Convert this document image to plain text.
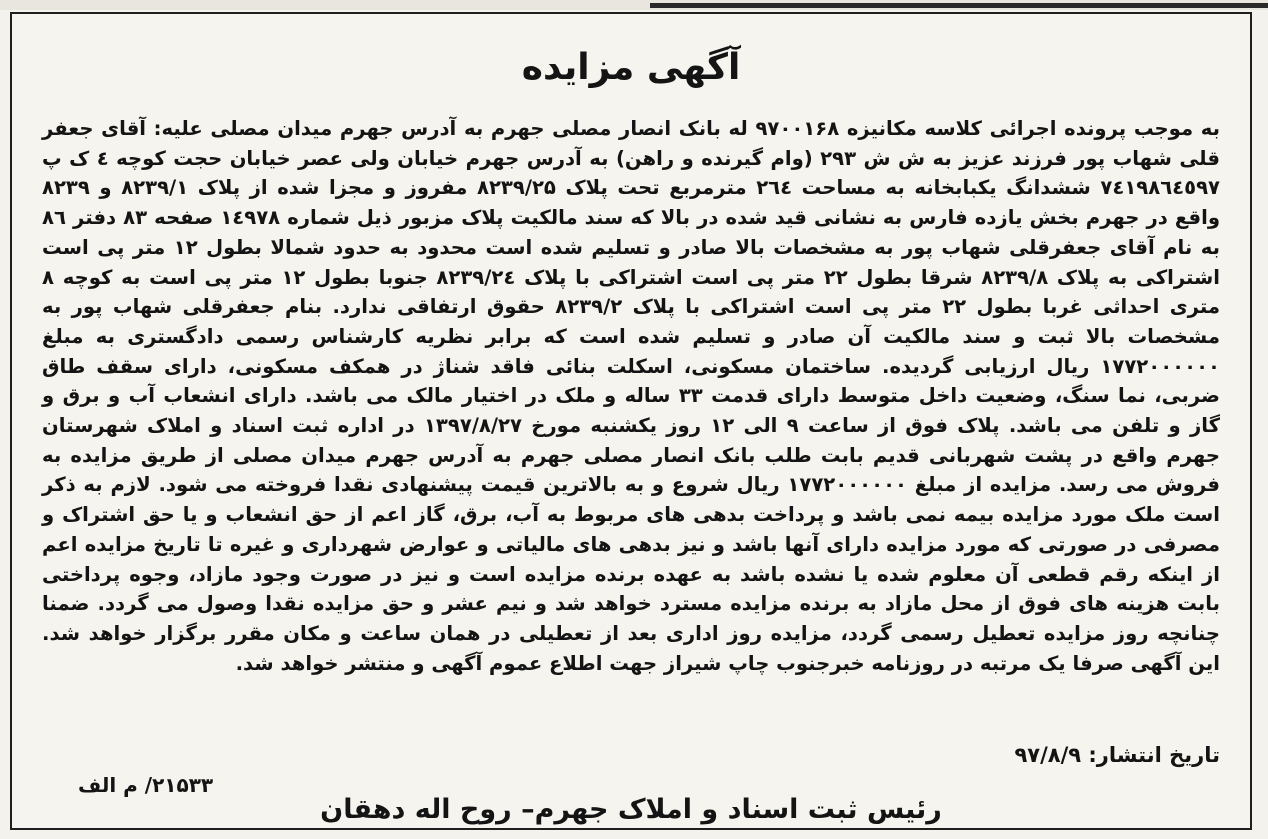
آگهی مزایده
به موجب پرونده اجرائی کلاسه مکانیزه ۹۷۰۰۱۶۸ له بانک انصار مصلی جهرم به آدرس جهرم میدان مصلی علیه: آقای جعفر قلی شهاب پور فرزند عزیز به ش ش ۲۹۳ (وام گیرنده و راهن) به آدرس جهرم خیابان ولی عصر خیابان حجت کوچه ٤ ک پ ٧٤١٩٨٦٤٥٩٧ ششدانگ یکبابخانه به مساحت ٢٦٤ مترمربع تحت پلاک ۸۲۳۹/۲۵ مفروز و مجزا شده از پلاک ۸۲۳۹/۱ و ۸۲۳۹ واقع در جهرم بخش یازده فارس به نشانی قید شده در بالا که سند مالکیت پلاک مزبور ذیل شماره ۱٤۹۷۸ صفحه ۸۳ دفتر ۸٦ به نام آقای جعفرقلی شهاب پور به مشخصات بالا صادر و تسلیم شده است محدود به حدود شمالا بطول ۱۲ متر پی است اشتراکی به پلاک ۸۲۳۹/۸ شرقا بطول ۲۲ متر پی است اشتراکی با پلاک ۸۲۳۹/۲٤ جنوبا بطول ۱۲ متر پی است به کوچه ۸ متری احداثی غربا بطول ۲۲ متر پی است اشتراکی با پلاک ۸۲۳۹/۲ حقوق ارتفاقی ندارد. بنام جعفرقلی شهاب پور به مشخصات بالا ثبت و سند مالکیت آن صادر و تسلیم شده است که برابر نظریه کارشناس رسمی دادگستری به مبلغ ۱۷۷۲۰۰۰۰۰۰ ریال ارزیابی گردیده. ساختمان مسکونی، اسکلت بنائی فاقد شناژ در همکف مسکونی، دارای سقف طاق ضربی، نما سنگ، وضعیت داخل متوسط دارای قدمت ۳۳ ساله و ملک در اختیار مالک می باشد. دارای انشعاب آب و برق و گاز و تلفن می باشد. پلاک فوق از ساعت ۹ الی ۱۲ روز یکشنبه مورخ ۱۳۹۷/۸/۲۷ در اداره ثبت اسناد و املاک شهرستان جهرم واقع در پشت شهربانی قدیم بابت طلب بانک انصار مصلی جهرم به آدرس جهرم میدان مصلی از طریق مزایده به فروش می رسد. مزایده از مبلغ ۱۷۷۲۰۰۰۰۰۰ ریال شروع و به بالاترین قیمت پیشنهادی نقدا فروخته می شود. لازم به ذکر است ملک مورد مزایده بیمه نمی باشد و پرداخت بدهی های مربوط به آب، برق، گاز اعم از حق انشعاب و یا حق اشتراک و مصرفی در صورتی که مورد مزایده دارای آنها باشد و نیز بدهی های مالیاتی و عوارض شهرداری و غیره تا تاریخ مزایده اعم از اینکه رقم قطعی آن معلوم شده یا نشده باشد به عهده برنده مزایده است و نیز در صورت وجود مازاد، وجوه پرداختی بابت هزینه های فوق از محل مازاد به برنده مزایده مسترد خواهد شد و نیم عشر و حق مزایده نقدا وصول می گردد. ضمنا چنانچه روز مزایده تعطیل رسمی گردد، مزایده روز اداری بعد از تعطیلی در همان ساعت و مکان مقرر برگزار خواهد شد. این آگهی صرفا یک مرتبه در روزنامه خبرجنوب چاپ شیراز جهت اطلاع عموم آگهی و منتشر خواهد شد.
تاریخ انتشار: ۹۷/۸/۹
۲۱۵۳۳/ م الف
رئیس ثبت اسناد و املاک جهرم– روح اله دهقان
